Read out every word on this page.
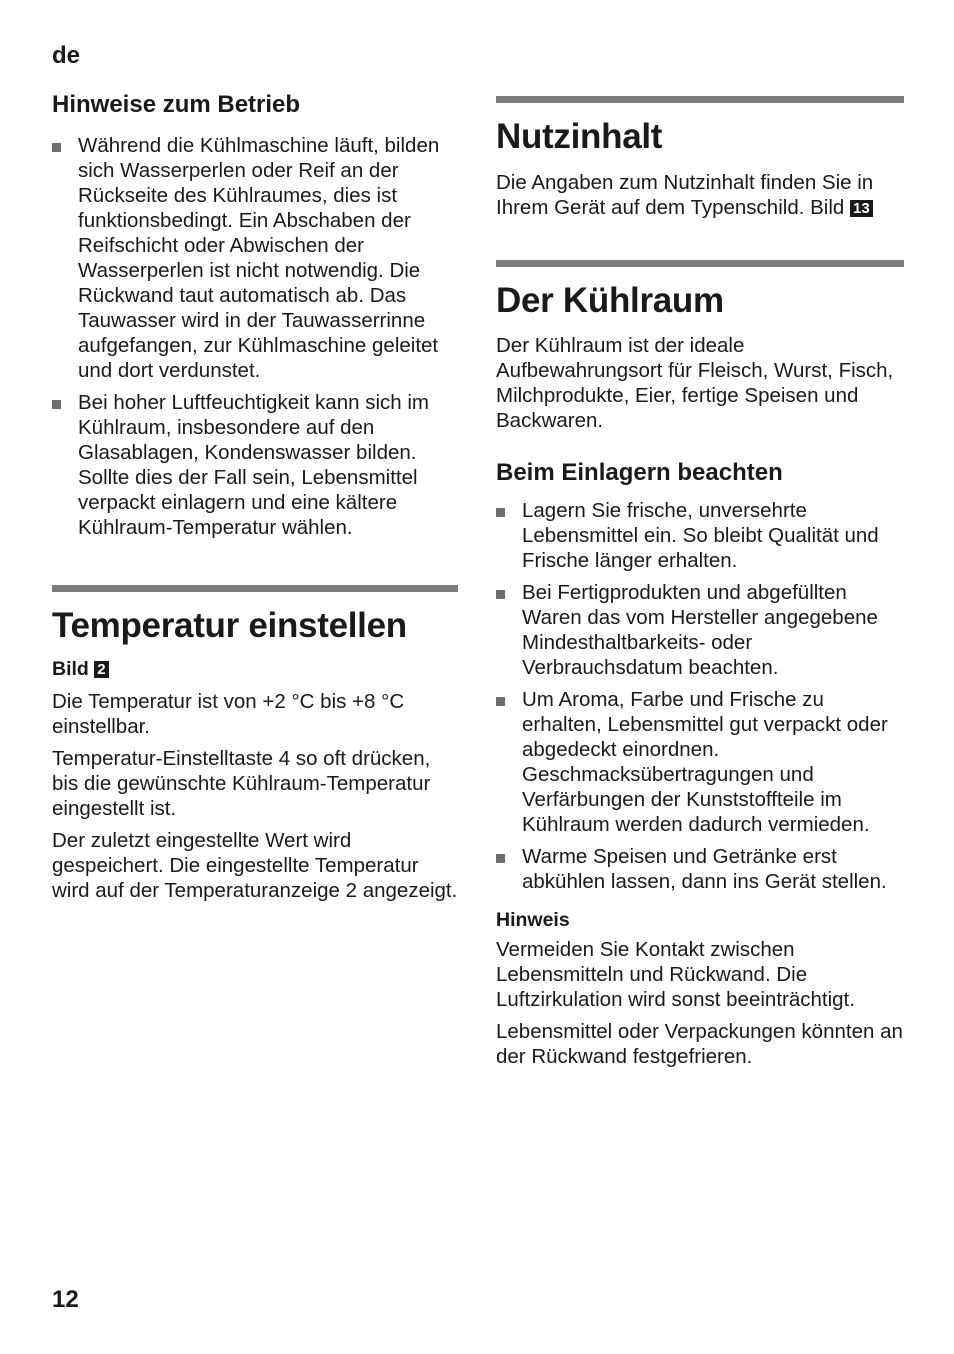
de
Hinweise zum Betrieb
Während die Kühlmaschine läuft, bilden sich Wasserperlen oder Reif an der Rückseite des Kühlraumes, dies ist funktionsbedingt. Ein Abschaben der Reifschicht oder Abwischen der Wasserperlen ist nicht notwendig. Die Rückwand taut automatisch ab. Das Tauwasser wird in der Tauwasserrinne aufgefangen, zur Kühlmaschine geleitet und dort verdunstet.
Bei hoher Luftfeuchtigkeit kann sich im Kühlraum, insbesondere auf den Glasablagen, Kondenswasser bilden. Sollte dies der Fall sein, Lebensmittel verpackt einlagern und eine kältere Kühlraum-Temperatur wählen.
Temperatur einstellen
Bild 2

Die Temperatur ist von +2 °C bis +8 °C einstellbar.

Temperatur-Einstelltaste 4 so oft drücken, bis die gewünschte Kühlraum-Temperatur eingestellt ist.

Der zuletzt eingestellte Wert wird gespeichert. Die eingestellte Temperatur wird auf der Temperaturanzeige 2 angezeigt.

Nutzinhalt

Die Angaben zum Nutzinhalt finden Sie in Ihrem Gerät auf dem Typenschild. Bild 13

Der Kühlraum

Der Kühlraum ist der ideale Aufbewahrungsort für Fleisch, Wurst, Fisch, Milchprodukte, Eier, fertige Speisen und Backwaren.

Beim Einlagern beachten
Lagern Sie frische, unversehrte Lebensmittel ein. So bleibt Qualität und Frische länger erhalten.
Bei Fertigprodukten und abgefüllten Waren das vom Hersteller angegebene Mindesthaltbarkeits- oder Verbrauchsdatum beachten.
Um Aroma, Farbe und Frische zu erhalten, Lebensmittel gut verpackt oder abgedeckt einordnen. Geschmacksübertragungen und Verfärbungen der Kunststoffteile im Kühlraum werden dadurch vermieden.
Warme Speisen und Getränke erst abkühlen lassen, dann ins Gerät stellen.
Hinweis

Vermeiden Sie Kontakt zwischen Lebensmitteln und Rückwand. Die Luftzirkulation wird sonst beeinträchtigt.

Lebensmittel oder Verpackungen könnten an der Rückwand festgefrieren.

12
